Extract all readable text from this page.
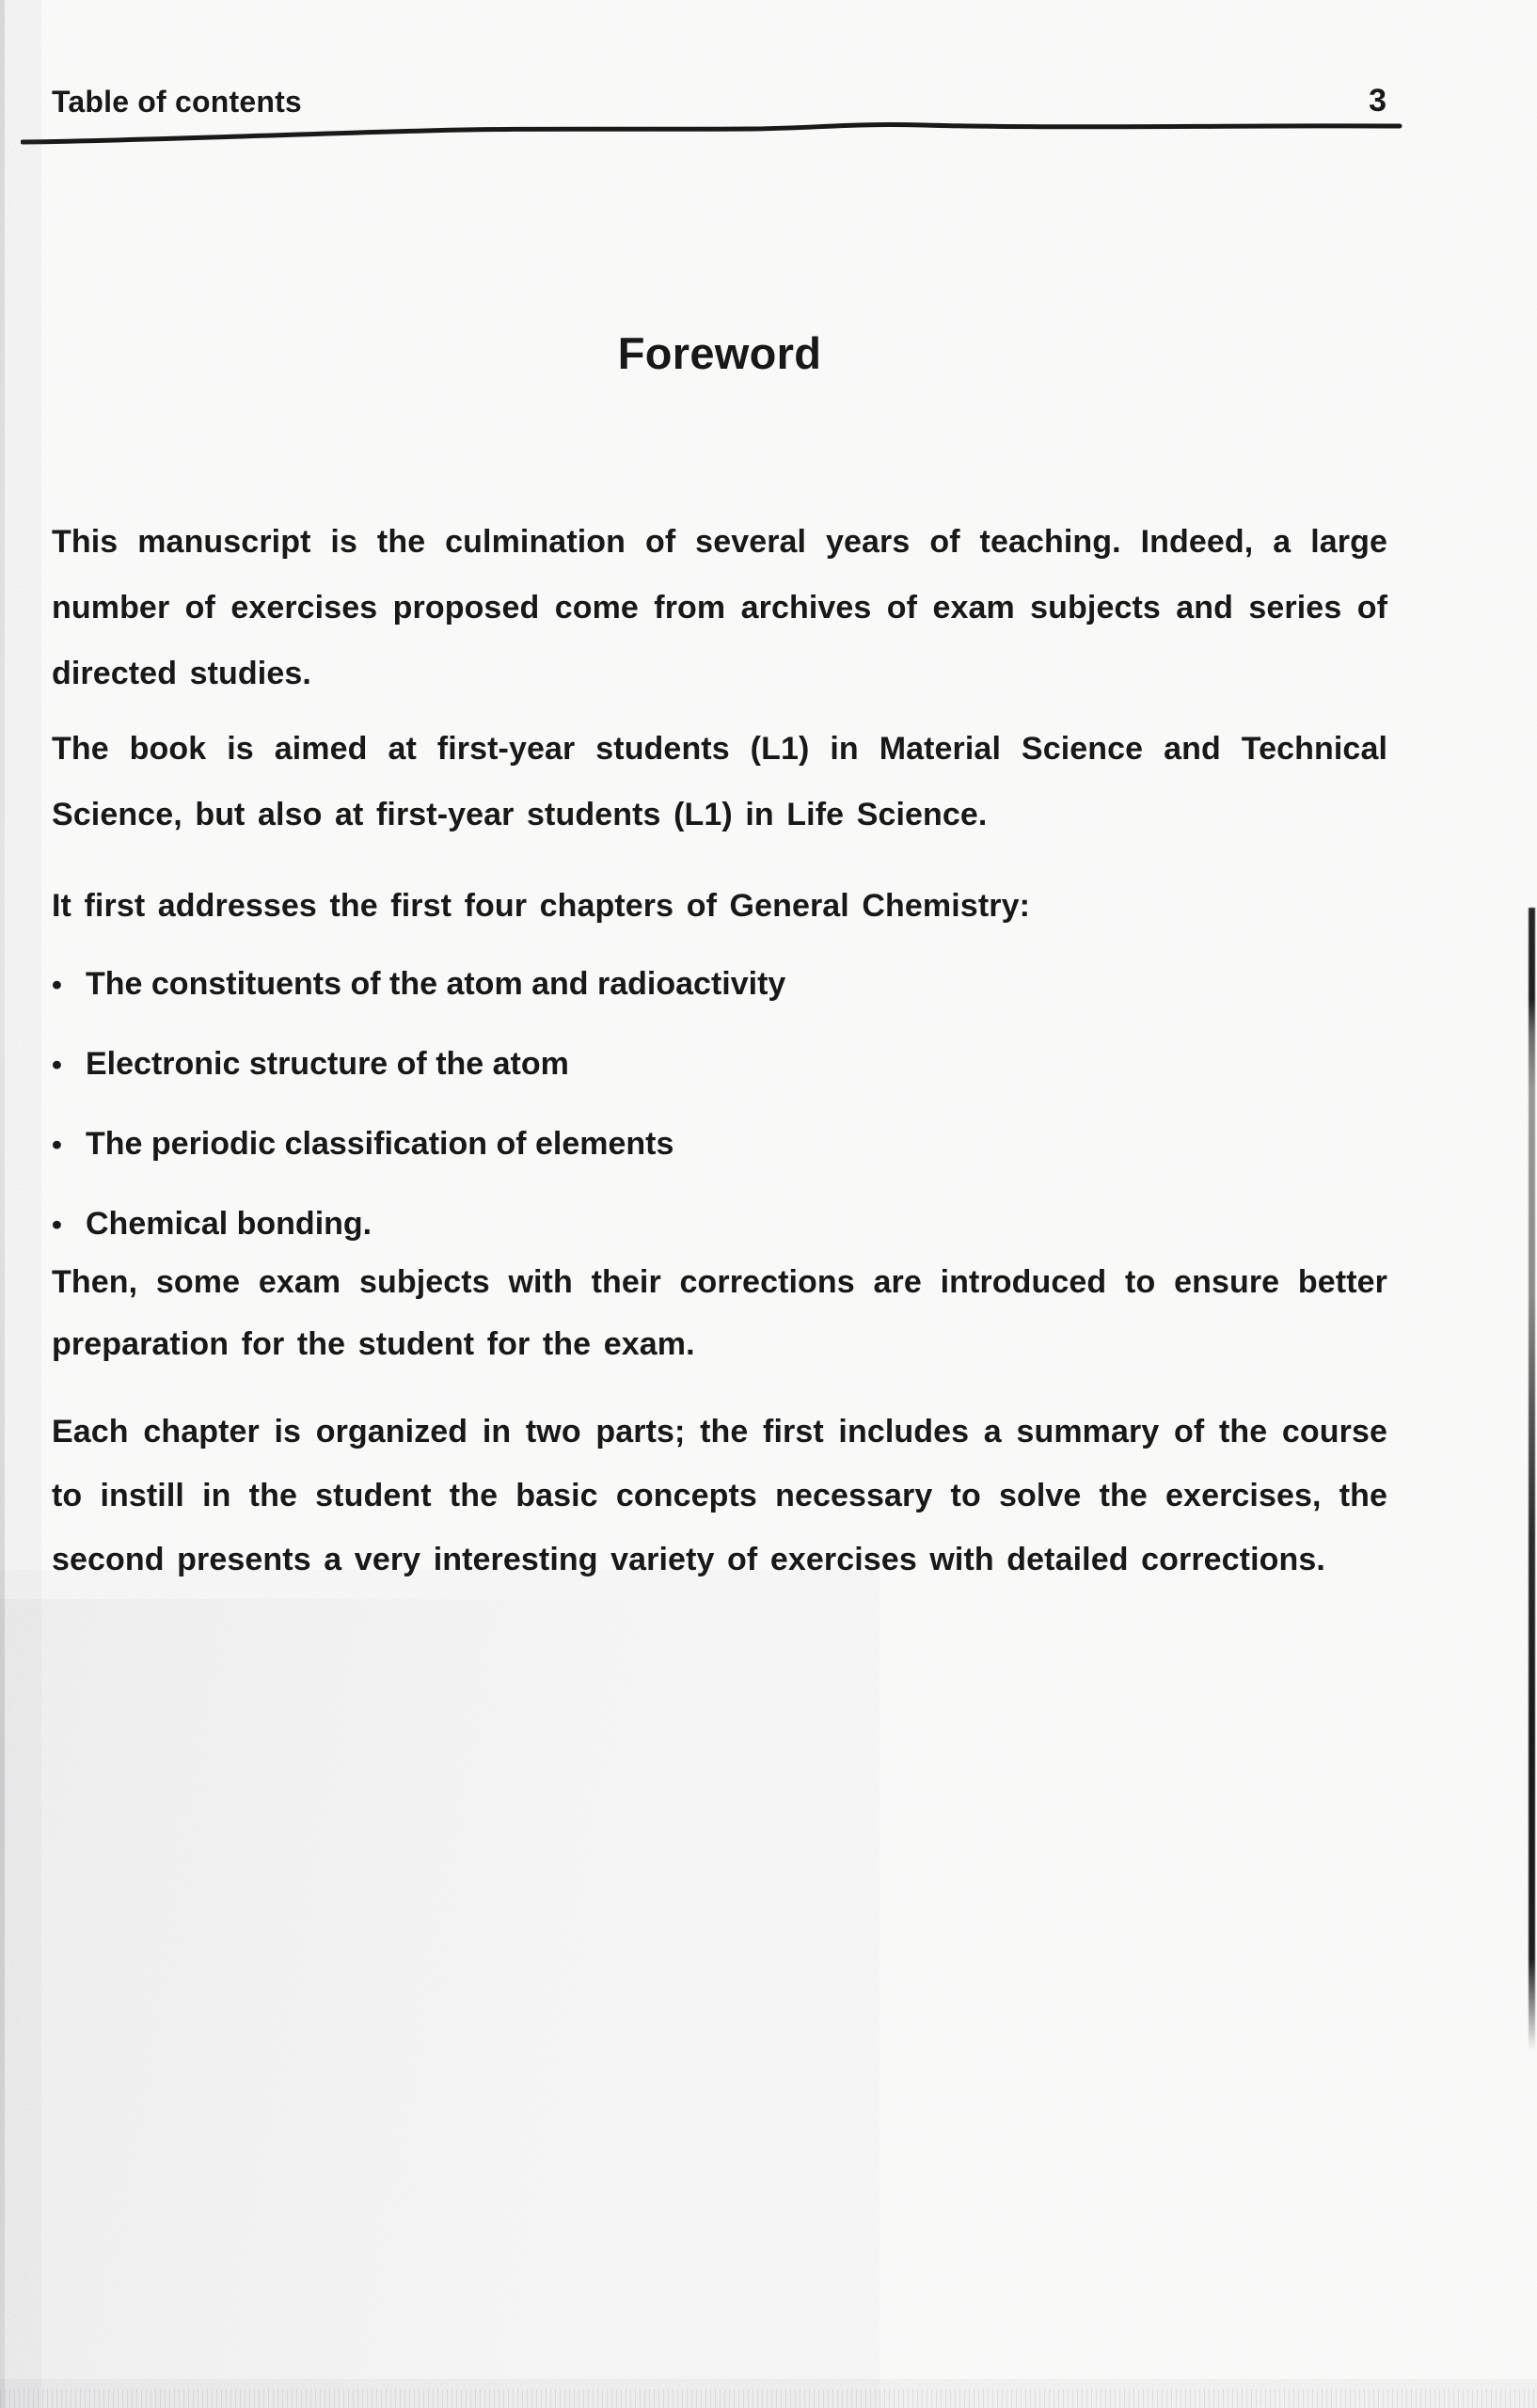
Table of contents	3
Foreword

This manuscript is the culmination of several years of teaching. Indeed, a large number of exercises proposed come from archives of exam subjects and series of directed studies.

The book is aimed at first-year students (L1) in Material Science and Technical Science, but also at first-year students (L1) in Life Science.

It first addresses the first four chapters of General Chemistry:

• The constituents of the atom and radioactivity
• Electronic structure of the atom
• The periodic classification of elements
• Chemical bonding.

Then, some exam subjects with their corrections are introduced to ensure better preparation for the student for the exam.

Each chapter is organized in two parts; the first includes a summary of the course to instill in the student the basic concepts necessary to solve the exercises, the second presents a very interesting variety of exercises with detailed corrections.
